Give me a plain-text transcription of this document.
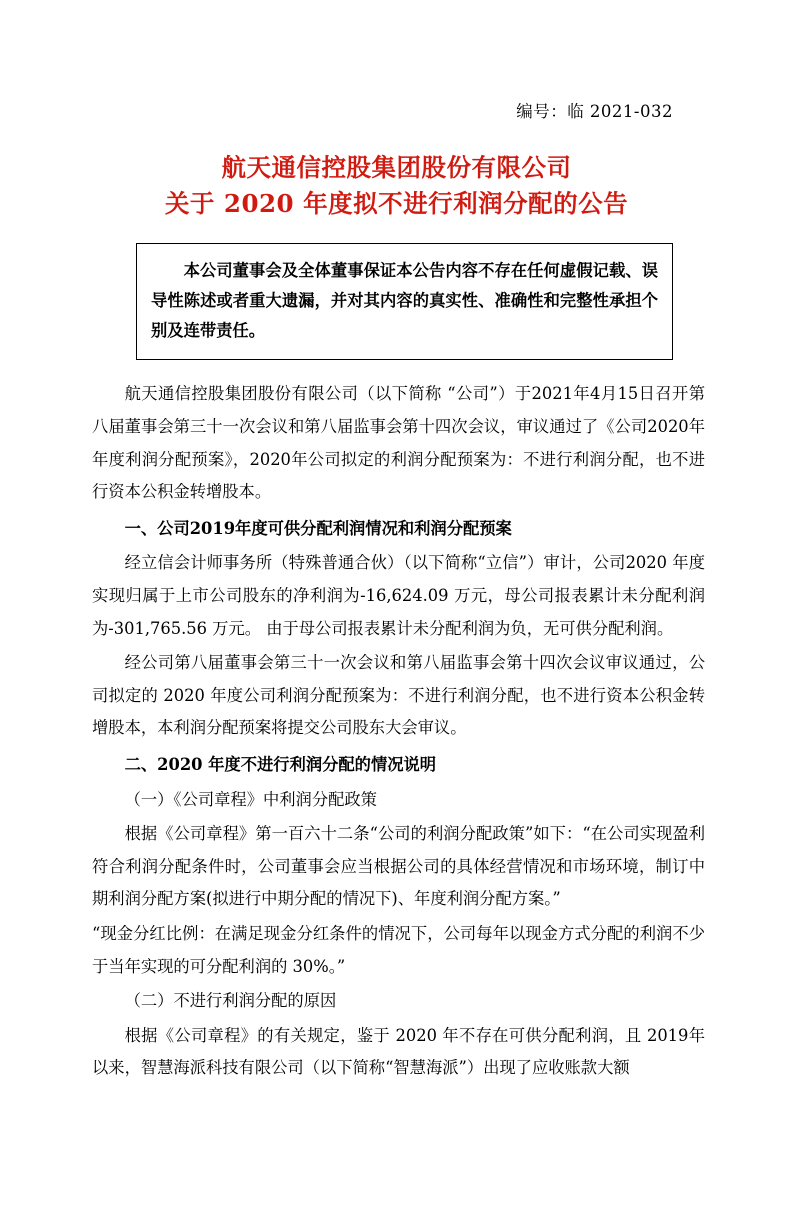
编号：临 2021-032
航天通信控股集团股份有限公司
关于 2020 年度拟不进行利润分配的公告

本公司董事会及全体董事保证本公告内容不存在任何虚假记载、误导性陈述或者重大遗漏，并对其内容的真实性、准确性和完整性承担个别及连带责任。

航天通信控股集团股份有限公司（以下简称 “公司”）于2021年4月15日召开第八届董事会第三十一次会议和第八届监事会第十四次会议，审议通过了《公司2020年年度利润分配预案》，2020年公司拟定的利润分配预案为：不进行利润分配，也不进行资本公积金转增股本。

一、公司2019年度可供分配利润情况和利润分配预案

经立信会计师事务所（特殊普通合伙）（以下简称“立信”）审计，公司2020 年度实现归属于上市公司股东的净利润为-16,624.09 万元，母公司报表累计未分配利润为-301,765.56 万元。 由于母公司报表累计未分配利润为负，无可供分配利润。

经公司第八届董事会第三十一次会议和第八届监事会第十四次会议审议通过，公司拟定的 2020 年度公司利润分配预案为：不进行利润分配，也不进行资本公积金转增股本，本利润分配预案将提交公司股东大会审议。

二、2020 年度不进行利润分配的情况说明

（一）《公司章程》中利润分配政策

根据《公司章程》第一百六十二条“公司的利润分配政策”如下：“在公司实现盈利符合利润分配条件时，公司董事会应当根据公司的具体经营情况和市场环境，制订中期利润分配方案(拟进行中期分配的情况下)、年度利润分配方案。”

“现金分红比例：在满足现金分红条件的情况下，公司每年以现金方式分配的利润不少于当年实现的可分配利润的 30%。”

（二）不进行利润分配的原因

根据《公司章程》的有关规定，鉴于 2020 年不存在可供分配利润，且 2019年以来，智慧海派科技有限公司（以下简称“智慧海派”）出现了应收账款大额
